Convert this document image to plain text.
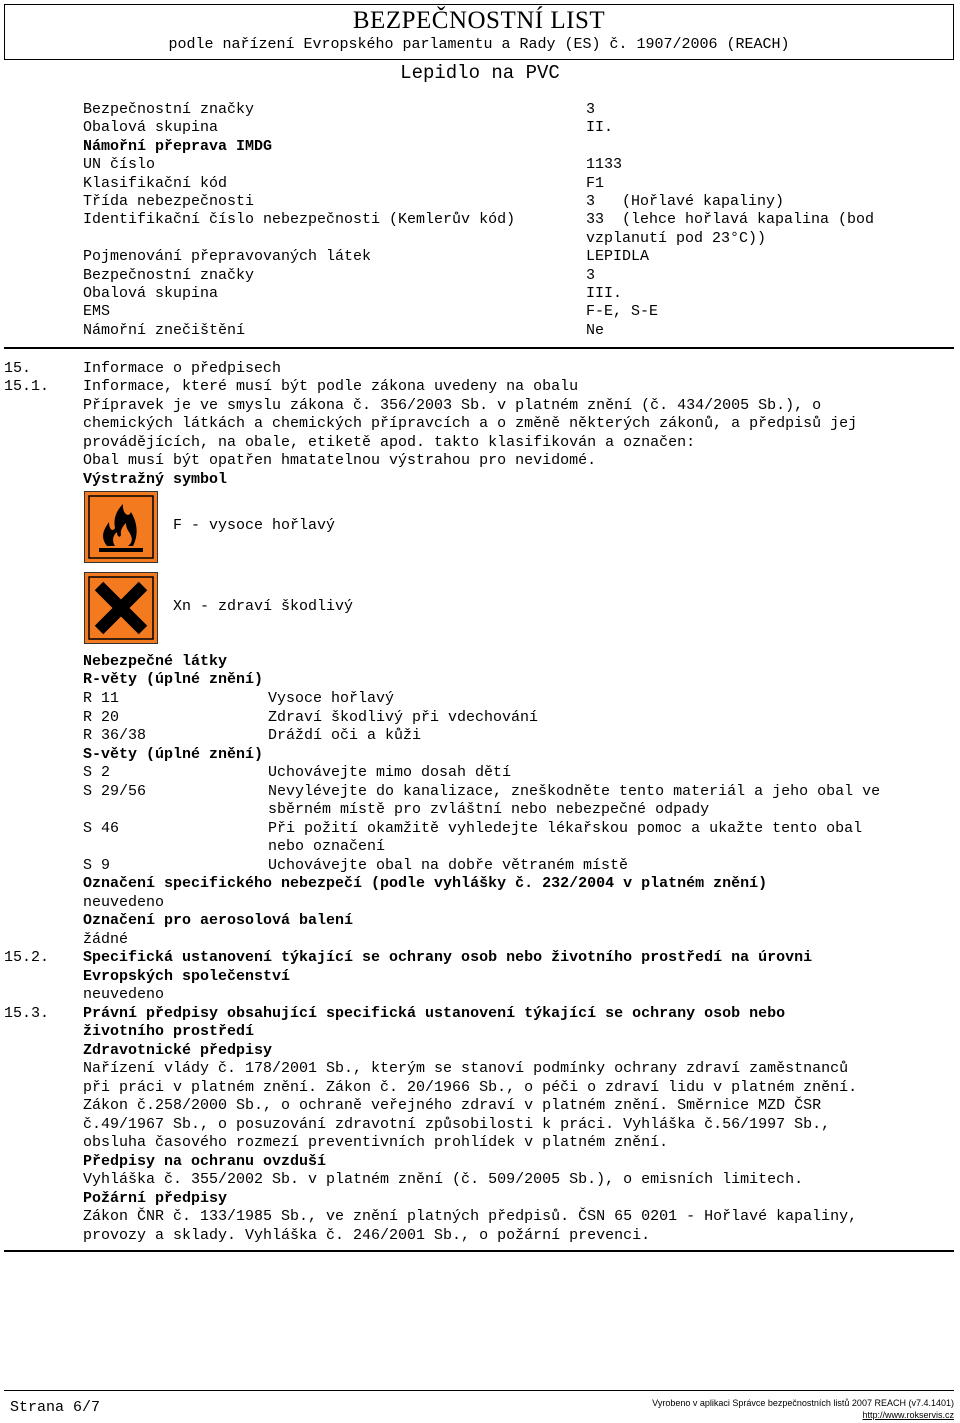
BEZPEČNOSTNÍ LIST
podle nařízení Evropského parlamentu a Rady (ES) č. 1907/2006 (REACH)
Lepidlo na PVC
Bezpečnostní značky	3
Obalová skupina	II.
Námořní přeprava IMDG
UN číslo	1133
Klasifikační kód	F1
Třída nebezpečnosti	3   (Hořlavé kapaliny)
Identifikační číslo nebezpečnosti (Kemlerův kód)	33  (lehce hořlavá kapalina (bod
vzplanutí pod 23°C))
Pojmenování přepravovaných látek	LEPIDLA
Bezpečnostní značky	3
Obalová skupina	III.
EMS	F-E, S-E
Námořní znečištění	Ne
15.	Informace o předpisech
15.1. Informace, které musí být podle zákona uvedeny na obalu
Přípravek je ve smyslu zákona č. 356/2003 Sb. v platném znění (č. 434/2005 Sb.), o
chemických látkách a chemických přípravcích a o změně některých zákonů, a předpisů jej
provádějících, na obale, etiketě apod. takto klasifikován a označen:
Obal musí být opatřen hmatatelnou výstrahou pro nevidomé.
Výstražný symbol
F - vysoce hořlavý
Xn - zdraví škodlivý
Nebezpečné látky
R-věty (úplné znění)
R 11	Vysoce hořlavý
R 20	Zdraví škodlivý při vdechování
R 36/38	Dráždí oči a kůži
S-věty (úplné znění)
S 2	Uchovávejte mimo dosah dětí
S 29/56	Nevylévejte do kanalizace, zneškodněte tento materiál a jeho obal ve
sběrném místě pro zvláštní nebo nebezpečné odpady
S 46	Při požití okamžitě vyhledejte lékařskou pomoc a ukažte tento obal
nebo označení
S 9	Uchovávejte obal na dobře větraném místě
Označení specifického nebezpečí (podle vyhlášky č. 232/2004 v platném znění)
neuvedeno
Označení pro aerosolová balení
žádné
15.2. Specifická ustanovení týkající se ochrany osob nebo životního prostředí na úrovni
Evropských společenství
neuvedeno
15.3. Právní předpisy obsahující specifická ustanovení týkající se ochrany osob nebo
životního prostředí
Zdravotnické předpisy
Nařízení vlády č. 178/2001 Sb., kterým se stanoví podmínky ochrany zdraví zaměstnanců
při práci v platném znění. Zákon č. 20/1966 Sb., o péči o zdraví lidu v platném znění.
Zákon č.258/2000 Sb., o ochraně veřejného zdraví v platném znění. Směrnice MZD ČSR
č.49/1967 Sb., o posuzování zdravotní způsobilosti k práci. Vyhláška č.56/1997 Sb.,
obsluha časového rozmezí preventivních prohlídek v platném znění.
Předpisy na ochranu ovzduší
Vyhláška č. 355/2002 Sb. v platném znění (č. 509/2005 Sb.), o emisních limitech.
Požární předpisy
Zákon ČNR č. 133/1985 Sb., ve znění platných předpisů. ČSN 65 0201 - Hořlavé kapaliny,
provozy a sklady. Vyhláška č. 246/2001 Sb., o požární prevenci.
Strana 6/7	Vyrobeno v aplikaci Správce bezpečnostních listů 2007 REACH (v7.4.1401)
http://www.rokservis.cz
